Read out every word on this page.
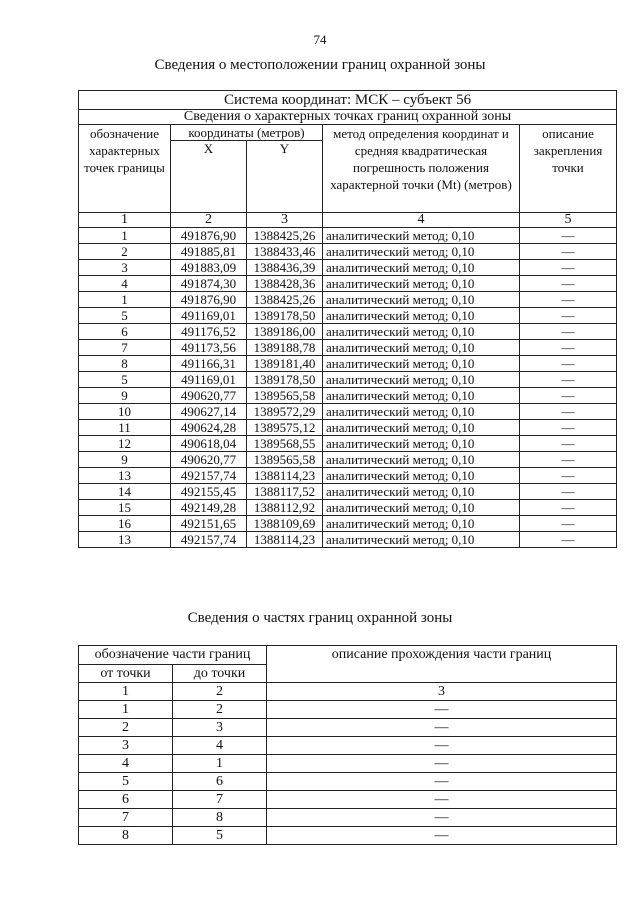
74
Сведения о местоположении границ охранной зоны
Система координат: МСК – субъект 56				
Сведения о характерных точках границ охранной зоны				
обозначение характерных точек границы	координаты (метров)		метод определения координат и средняя квадратическая погрешность положения характерной точки (Mt) (метров)	описание закрепления точки
	X	Y		
1	2	3	4	5
1	491876,90	1388425,26	аналитический метод; 0,10	—
2	491885,81	1388433,46	аналитический метод; 0,10	—
3	491883,09	1388436,39	аналитический метод; 0,10	—
4	491874,30	1388428,36	аналитический метод; 0,10	—
1	491876,90	1388425,26	аналитический метод; 0,10	—
5	491169,01	1389178,50	аналитический метод; 0,10	—
6	491176,52	1389186,00	аналитический метод; 0,10	—
7	491173,56	1389188,78	аналитический метод; 0,10	—
8	491166,31	1389181,40	аналитический метод; 0,10	—
5	491169,01	1389178,50	аналитический метод; 0,10	—
9	490620,77	1389565,58	аналитический метод; 0,10	—
10	490627,14	1389572,29	аналитический метод; 0,10	—
11	490624,28	1389575,12	аналитический метод; 0,10	—
12	490618,04	1389568,55	аналитический метод; 0,10	—
9	490620,77	1389565,58	аналитический метод; 0,10	—
13	492157,74	1388114,23	аналитический метод; 0,10	—
14	492155,45	1388117,52	аналитический метод; 0,10	—
15	492149,28	1388112,92	аналитический метод; 0,10	—
16	492151,65	1388109,69	аналитический метод; 0,10	—
13	492157,74	1388114,23	аналитический метод; 0,10	—
Сведения о частях границ охранной зоны
обозначение части границ		описание прохождения части границ
от точки	до точки	
1	2	3
1	2	—
2	3	—
3	4	—
4	1	—
5	6	—
6	7	—
7	8	—
8	5	—
